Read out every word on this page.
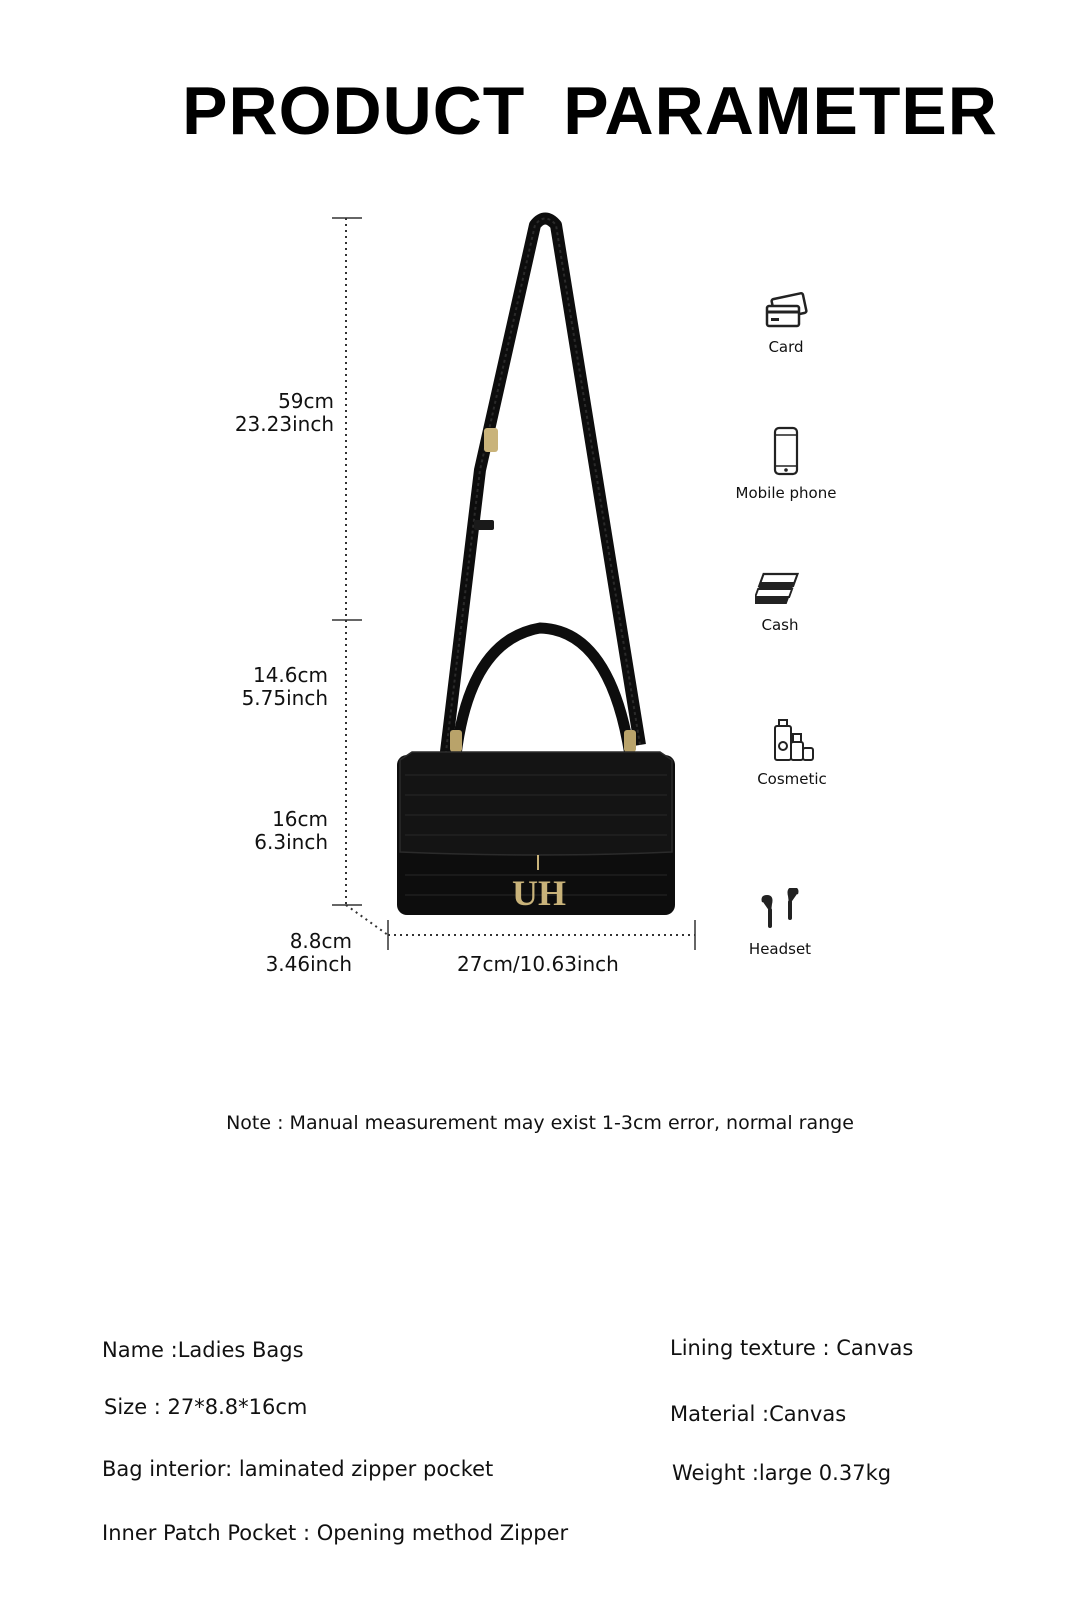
PRODUCT PARAMETER
UH
59cm
23.23inch
14.6cm
5.75inch
16cm
6.3inch
8.8cm
3.46inch	27cm/10.63inch
Card
Mobile phone
Cash
Cosmetic
Headset
Note : Manual measurement may exist 1-3cm error, normal range
Name :Ladies Bags
Size : 27*8.8*16cm
Bag interior: laminated zipper pocket
Inner Patch Pocket : Opening method Zipper
Lining texture : Canvas
Material :Canvas
Weight :large 0.37kg
